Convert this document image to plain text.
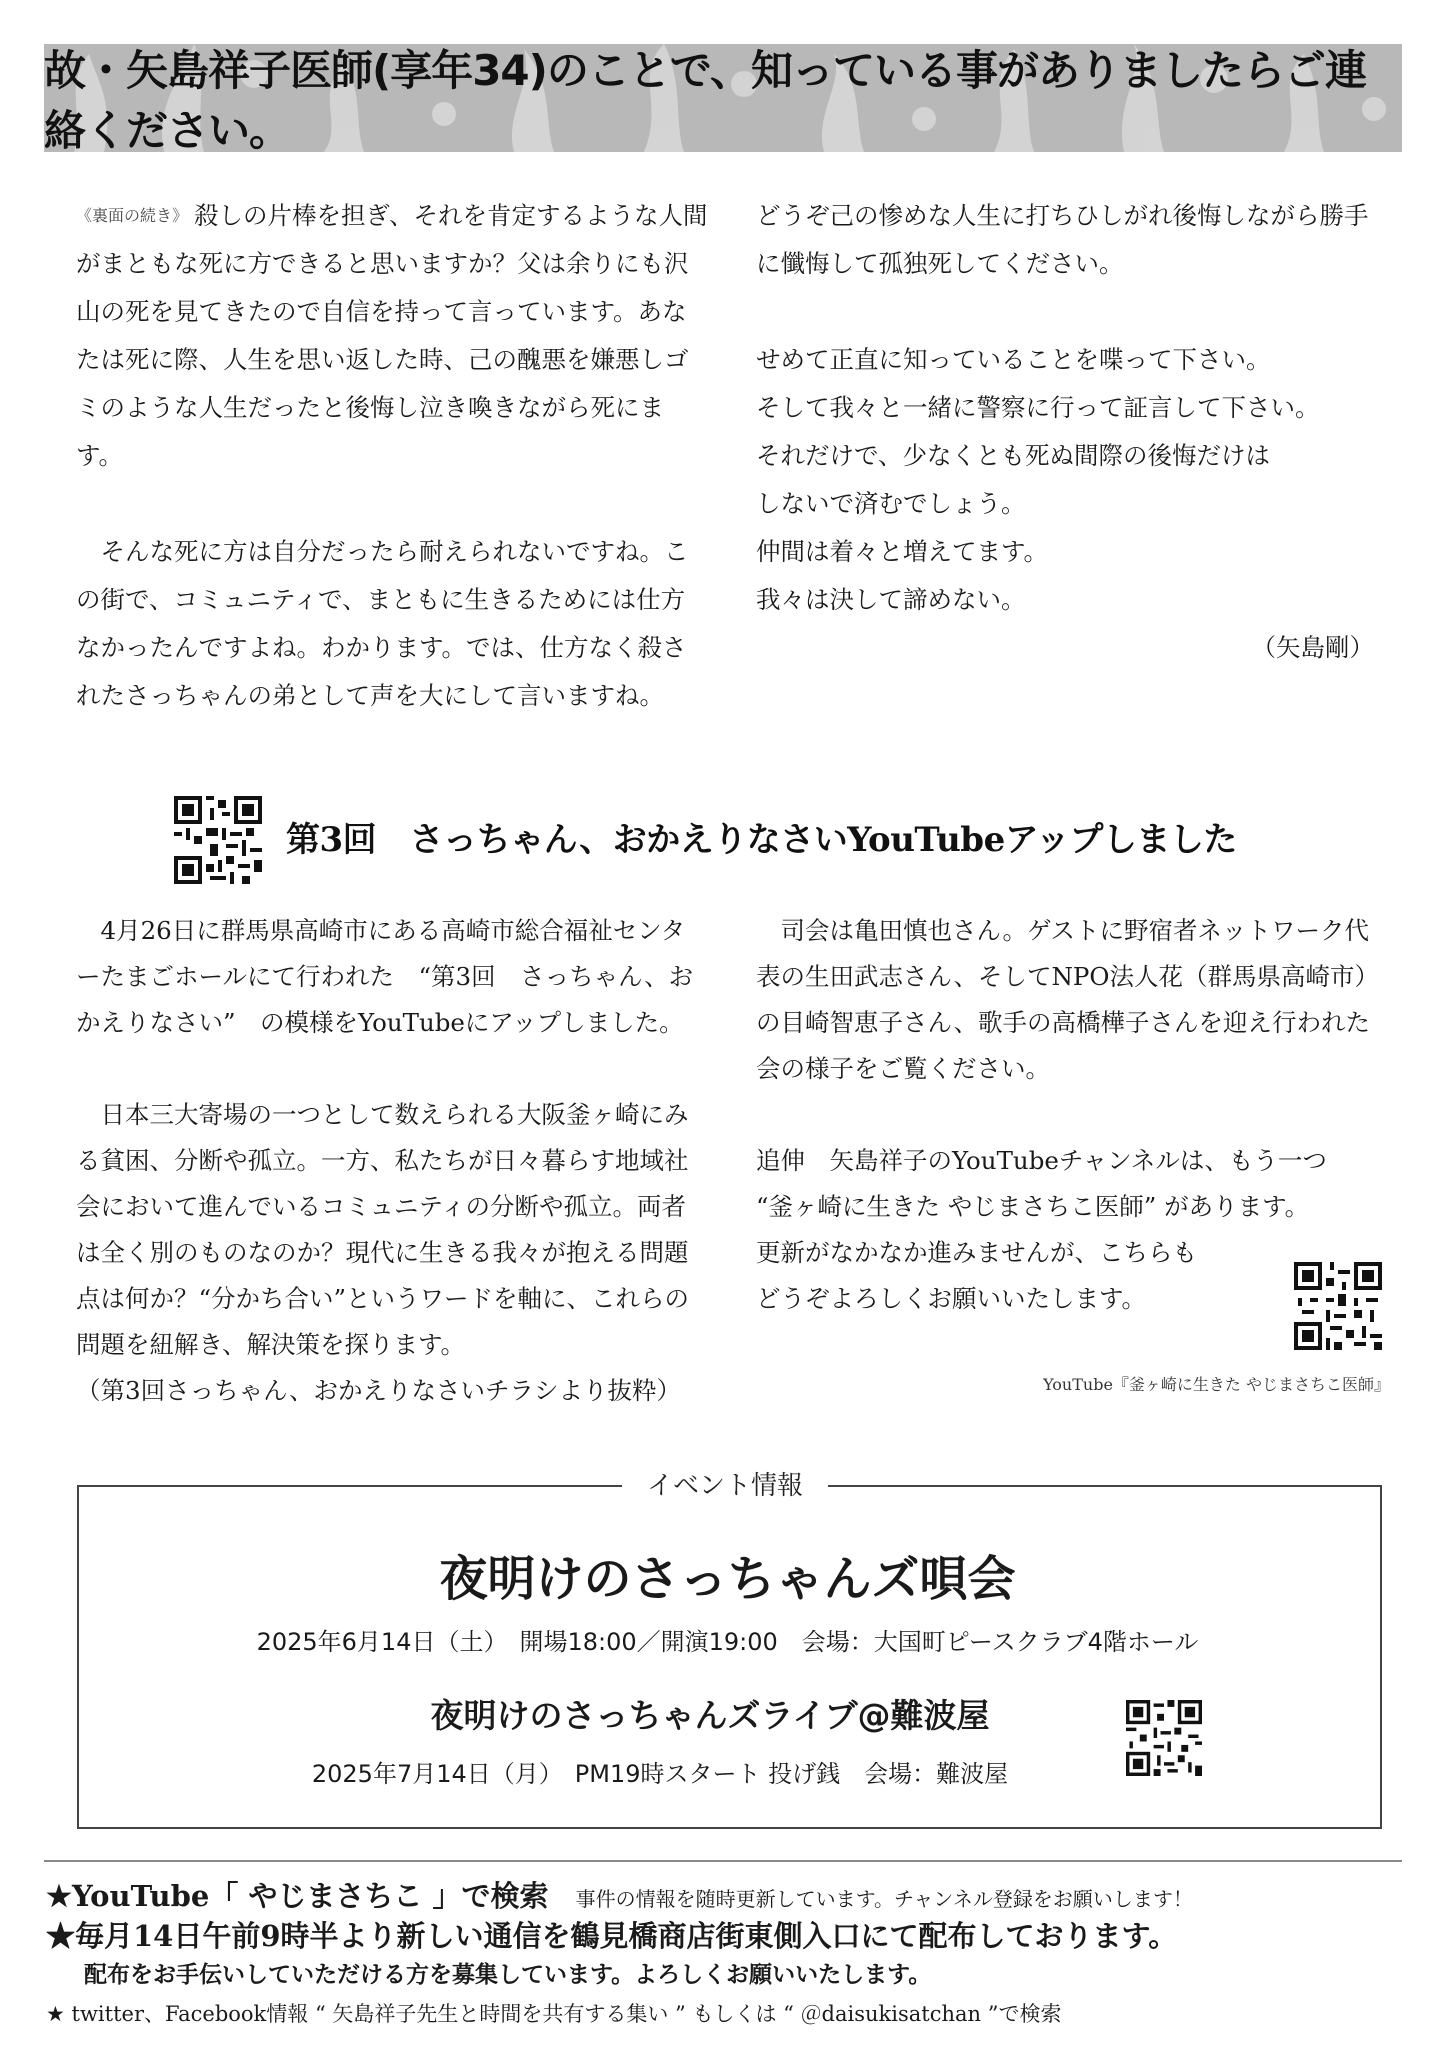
故・矢島祥子医師(享年34)のことで、知っている事がありましたらご連絡ください。

《裏面の続き》 殺しの片棒を担ぎ、それを肯定するような人間がまともな死に方できると思いますか？父は余りにも沢山の死を見てきたので自信を持って言っています。あなたは死に際、人生を思い返した時、己の醜悪を嫌悪しゴミのような人生だったと後悔し泣き喚きながら死にます。

　そんな死に方は自分だったら耐えられないですね。この街で、コミュニティで、まともに生きるためには仕方なかったんですよね。わかります。では、仕方なく殺されたさっちゃんの弟として声を大にして言いますね。

どうぞ己の惨めな人生に打ちひしがれ後悔しながら勝手に懺悔して孤独死してください。

せめて正直に知っていることを喋って下さい。
そして我々と一緒に警察に行って証言して下さい。
それだけで、少なくとも死ぬ間際の後悔だけは
しないで済むでしょう。
仲間は着々と増えてます。
我々は決して諦めない。

（矢島剛）

第3回　さっちゃん、おかえりなさいYouTubeアップしました

　4月26日に群馬県高崎市にある高崎市総合福祉センターたまごホールにて行われた　“第3回　さっちゃん、おかえりなさい”　の模様をYouTubeにアップしました。

　日本三大寄場の一つとして数えられる大阪釜ヶ崎にみる貧困、分断や孤立。一方、私たちが日々暮らす地域社会において進んでいるコミュニティの分断や孤立。両者は全く別のものなのか？現代に生きる我々が抱える問題点は何か？“分かち合い”というワードを軸に、これらの問題を紐解き、解決策を探ります。
（第3回さっちゃん、おかえりなさいチラシより抜粋）

　司会は亀田慎也さん。ゲストに野宿者ネットワーク代表の生田武志さん、そしてNPO法人花（群馬県高崎市）の目崎智恵子さん、歌手の高橋樺子さんを迎え行われた会の様子をご覧ください。

追伸　矢島祥子のYouTubeチャンネルは、もう一つ
“釜ヶ崎に生きた やじまさちこ医師” があります。
更新がなかなか進みませんが、こちらも
どうぞよろしくお願いいたします。

YouTube『釜ヶ崎に生きた やじまさちこ医師』
イベント情報
夜明けのさっちゃんズ唄会
2025年6月14日（土）　開場18:00／開演19:00　会場：大国町ピースクラブ4階ホール
夜明けのさっちゃんズライブ@難波屋
2025年7月14日（月）　PM19時スタート 投げ銭　会場：難波屋
★YouTube「 やじまさちこ 」で検索 事件の情報を随時更新しています。チャンネル登録をお願いします！
★毎月14日午前9時半より新しい通信を鶴見橋商店街東側入口にて配布しております。
配布をお手伝いしていただける方を募集しています。よろしくお願いいたします。
★ twitter、Facebook情報 “ 矢島祥子先生と時間を共有する集い ” もしくは “ ＠daisukisatchan ”で検索
